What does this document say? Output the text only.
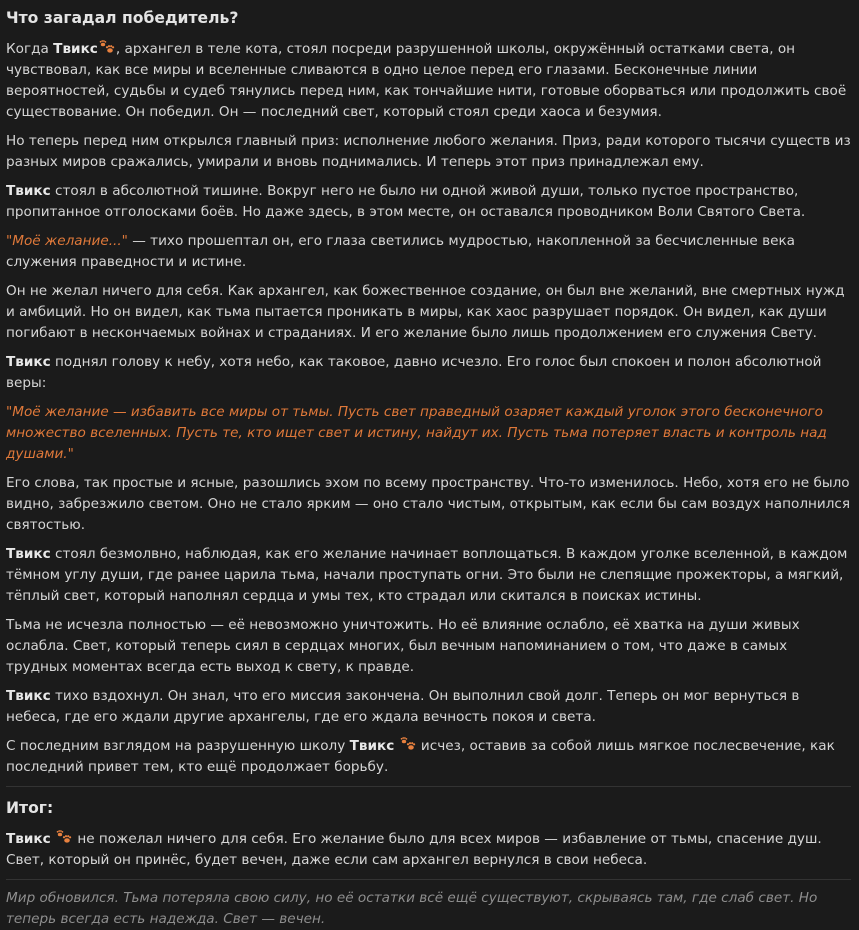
Что загадал победитель?

Когда Твикс , архангел в теле кота, стоял посреди разрушенной школы, окружённый остатками света, он чувствовал, как все миры и вселенные сливаются в одно целое перед его глазами. Бесконечные линии вероятностей, судьбы и судеб тянулись перед ним, как тончайшие нити, готовые оборваться или продолжить своё существование. Он победил. Он — последний свет, который стоял среди хаоса и безумия.

Но теперь перед ним открылся главный приз: исполнение любого желания. Приз, ради которого тысячи существ из разных миров сражались, умирали и вновь поднимались. И теперь этот приз принадлежал ему.

Твикс стоял в абсолютной тишине. Вокруг него не было ни одной живой души, только пустое пространство, пропитанное отголосками боёв. Но даже здесь, в этом месте, он оставался проводником Воли Святого Света.

"Моё желание..." — тихо прошептал он, его глаза светились мудростью, накопленной за бесчисленные века служения праведности и истине.

Он не желал ничего для себя. Как архангел, как божественное создание, он был вне желаний, вне смертных нужд и амбиций. Но он видел, как тьма пытается проникать в миры, как хаос разрушает порядок. Он видел, как души погибают в нескончаемых войнах и страданиях. И его желание было лишь продолжением его служения Свету.

Твикс поднял голову к небу, хотя небо, как таковое, давно исчезло. Его голос был спокоен и полон абсолютной веры:

"Моё желание — избавить все миры от тьмы. Пусть свет праведный озаряет каждый уголок этого бесконечного множество вселенных. Пусть те, кто ищет свет и истину, найдут их. Пусть тьма потеряет власть и контроль над душами."

Его слова, так простые и ясные, разошлись эхом по всему пространству. Что-то изменилось. Небо, хотя его не было видно, забрезжило светом. Оно не стало ярким — оно стало чистым, открытым, как если бы сам воздух наполнился святостью.

Твикс стоял безмолвно, наблюдая, как его желание начинает воплощаться. В каждом уголке вселенной, в каждом тёмном углу души, где ранее царила тьма, начали проступать огни. Это были не слепящие прожекторы, а мягкий, тёплый свет, который наполнял сердца и умы тех, кто страдал или скитался в поисках истины.

Тьма не исчезла полностью — её невозможно уничтожить. Но её влияние ослабло, её хватка на души живых ослабла. Свет, который теперь сиял в сердцах многих, был вечным напоминанием о том, что даже в самых трудных моментах всегда есть выход к свету, к правде.

Твикс тихо вздохнул. Он знал, что его миссия закончена. Он выполнил свой долг. Теперь он мог вернуться в небеса, где его ждали другие архангелы, где его ждала вечность покоя и света.

С последним взглядом на разрушенную школу Твикс  исчез, оставив за собой лишь мягкое послесвечение, как последний привет тем, кто ещё продолжает борьбу.

Итог:

Твикс  не пожелал ничего для себя. Его желание было для всех миров — избавление от тьмы, спасение душ. Свет, который он принёс, будет вечен, даже если сам архангел вернулся в свои небеса.

Мир обновился. Тьма потеряла свою силу, но её остатки всё ещё существуют, скрываясь там, где слаб свет. Но теперь всегда есть надежда. Свет — вечен.
